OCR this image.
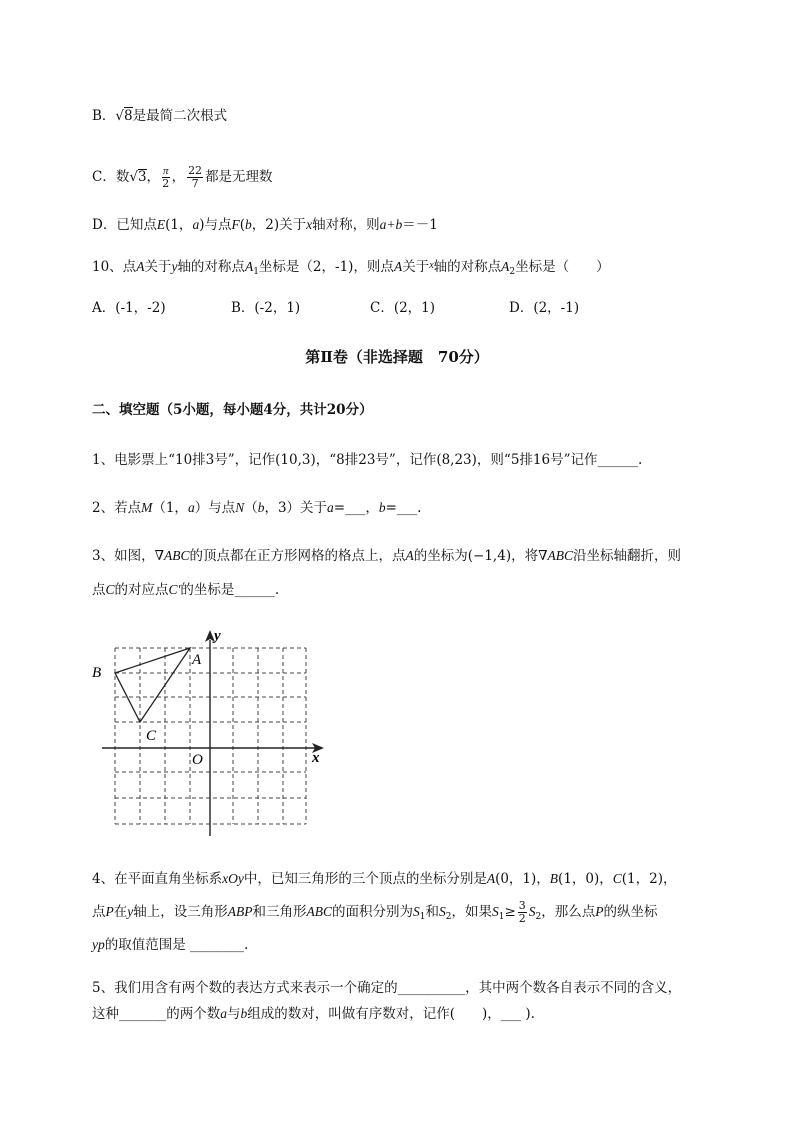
B．√8是最简二次根式
C．数√3， $\frac{\pi}{2}$ ， $\frac{22}{7}$ 都是无理数
D．已知点E(1，a)与点F(b，2)关于x轴对称，则a+b＝－1
10、点A关于y轴的对称点$A_1$坐标是（2，-1)，则点A关于$^x$轴的对称点$A_2$坐标是（　　）
A．(-1，-2)	B．(-2，1)	C．(2，1)	D．(2，-1)
第Ⅱ卷（非选择题　70分）
二、填空题（5小题，每小题4分，共计20分）
1、电影票上“10排3号”，记作(10,3)，“8排23号”，记作(8,23)，则“5排16号”记作______.
2、若点M（1，a）与点N（b，3）关于a=___，b=___.
3、如图，∇ABC的顶点都在正方形网格的格点上，点A的坐标为(−1,4)，将∇ABC沿坐标轴翻折，则
点C的对应点C'的坐标是______.
B
A
C
O	x
y
4、在平面直角坐标系xOy中，已知三角形的三个顶点的坐标分别是A(0，1)，B(1，0)，C(1，2)，
点P在y轴上，设三角形ABP和三角形ABC的面积分别为$S_1$和$S_2$，如果$S_1\ge \frac{3}{2} S_2$，那么点P的纵坐标
yp的取值范围是 ________.
5、我们用含有两个数的表达方式来表示一个确定的__________，其中两个数各自表示不同的含义，
这种_______的两个数a与b组成的数对，叫做有序数对，记作(　　)，___ ).
